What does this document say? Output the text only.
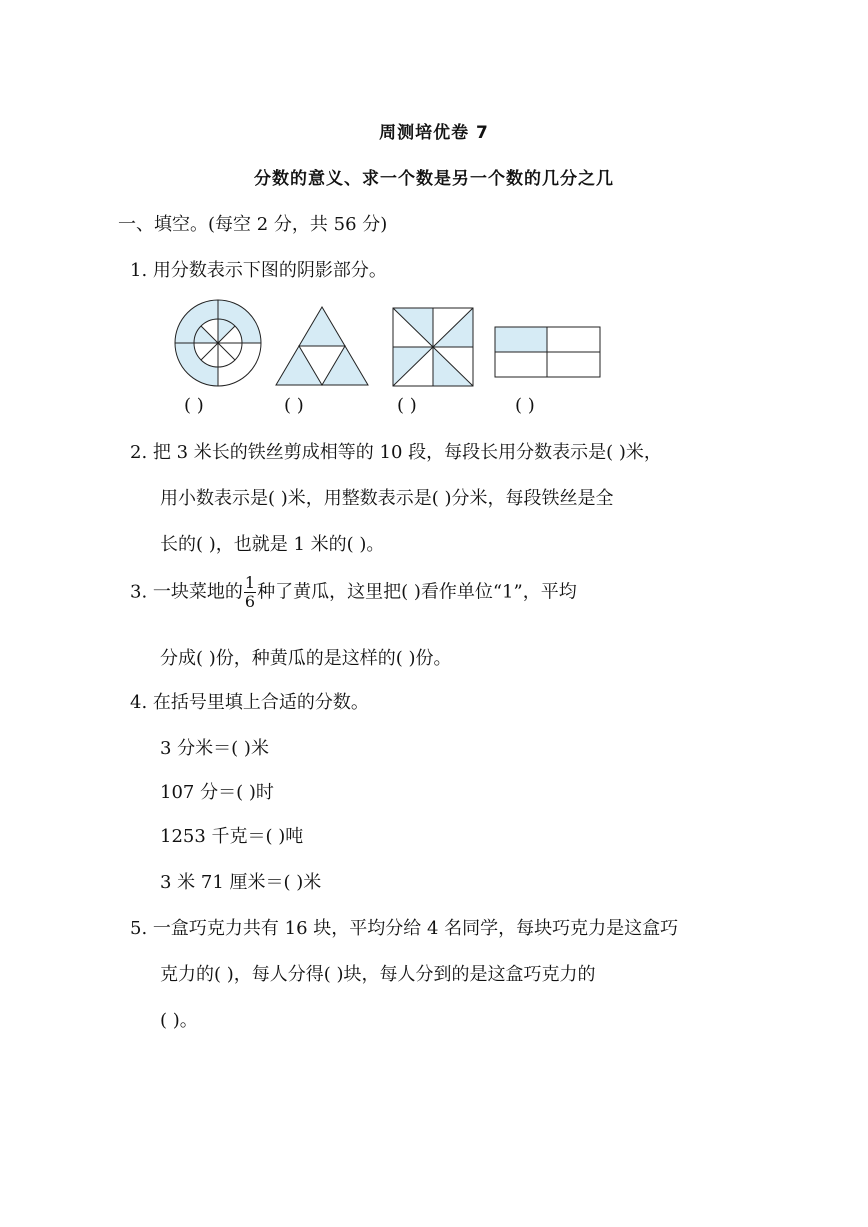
周测培优卷 7
分数的意义、求一个数是另一个数的几分之几
一、填空。(每空 2 分，共 56 分)
1. 用分数表示下图的阴影部分。
( )	( )	( )	( )
2. 把 3 米长的铁丝剪成相等的 10 段，每段长用分数表示是( )米，
用小数表示是( )米，用整数表示是( )分米，每段铁丝是全
长的( )，也就是 1 米的( )。
3. 一块菜地的 $\frac{1}{6}$ 种了黄瓜，这里把( )看作单位“1”，平均
分成( )份，种黄瓜的是这样的( )份。
4. 在括号里填上合适的分数。
3 分米＝( )米
107 分＝( )时
1253 千克＝( )吨
3 米 71 厘米＝( )米
5. 一盒巧克力共有 16 块，平均分给 4 名同学，每块巧克力是这盒巧
克力的( )，每人分得( )块，每人分到的是这盒巧克力的
( )。
